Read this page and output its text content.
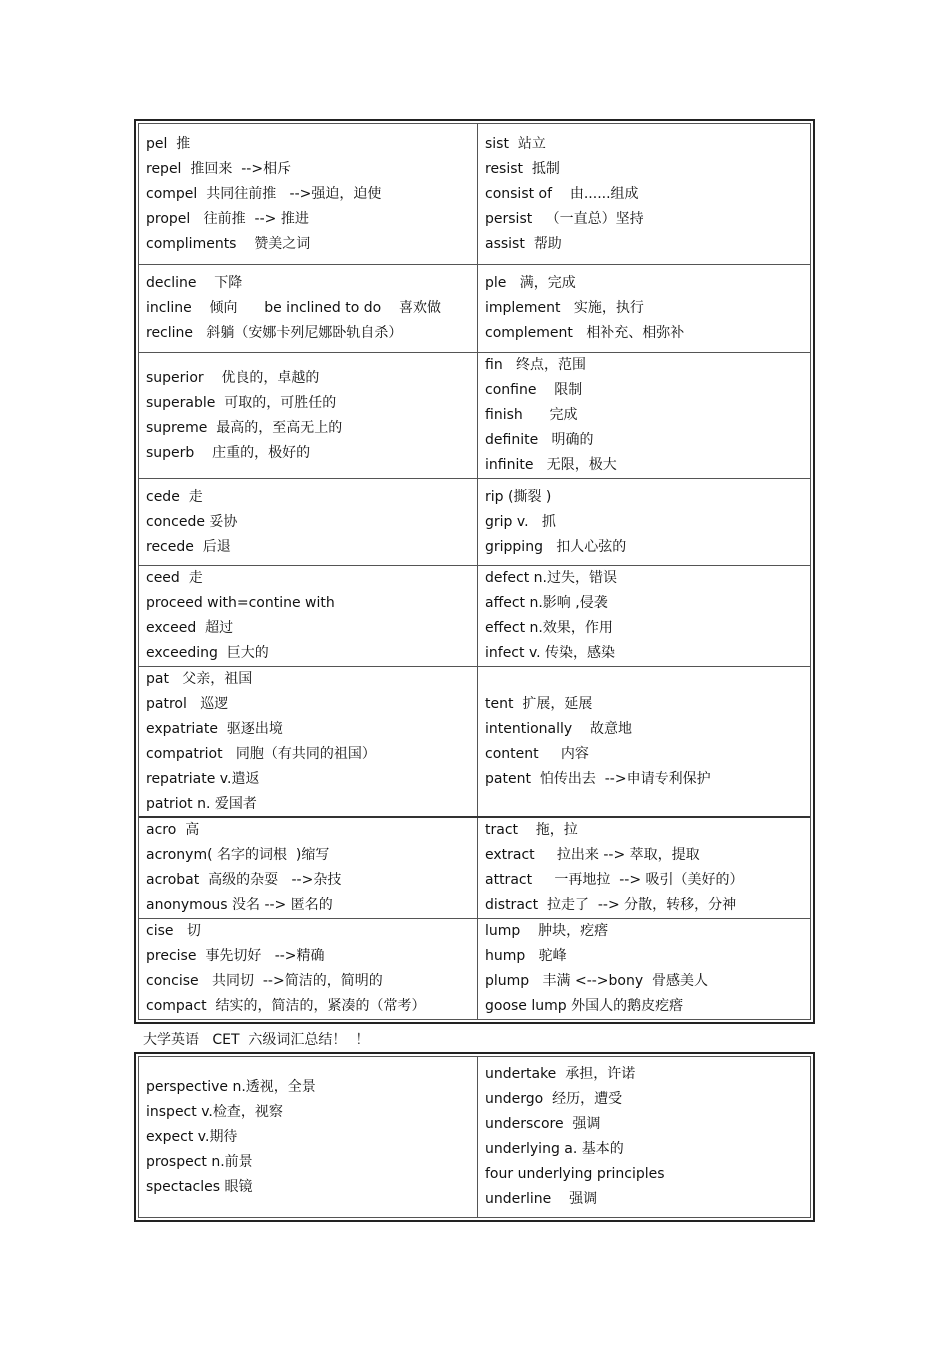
pel  推
repel  推回来  -->相斥
compel  共同往前推   -->强迫，迫使
propel   往前推  --> 推进
compliments    赞美之词
sist  站立
resist  抵制
consist of    由......组成
persist   （一直总）坚持
assist  帮助
decline    下降
incline    倾向      be inclined to do    喜欢做
recline   斜躺（安娜卡列尼娜卧轨自杀）
ple   满，完成
implement   实施，执行
complement   相补充、相弥补
superior    优良的，卓越的
superable  可取的，可胜任的
supreme  最高的，至高无上的
superb    庄重的，极好的
fin   终点，范围
confine    限制
finish      完成
definite   明确的
infinite   无限，极大
cede  走
concede 妥协
recede  后退
rip (撕裂 )
grip v.   抓
gripping   扣人心弦的
ceed  走
proceed with=contine with
exceed  超过
exceeding  巨大的
defect n.过失，错误
affect n.影响 ,侵袭
effect n.效果，作用
infect v. 传染，感染
pat   父亲，祖国
patrol   巡逻
expatriate  驱逐出境
compatriot   同胞（有共同的祖国）
repatriate v.遣返
patriot n. 爱国者
tent  扩展，延展
intentionally    故意地
content     内容
patent  怕传出去  -->申请专利保护
acro  高
acronym( 名字的词根  )缩写
acrobat  高级的杂耍   -->杂技
anonymous 没名 --> 匿名的
tract    拖，拉
extract     拉出来 --> 萃取，提取
attract     一再地拉  --> 吸引（美好的）
distract  拉走了  --> 分散，转移，分神
cise   切
precise  事先切好   -->精确
concise   共同切  -->简洁的，简明的
compact  结实的，简洁的，紧凑的（常考）
lump    肿块，疙瘩
hump   驼峰
plump   丰满 <-->bony  骨感美人
goose lump 外国人的鹅皮疙瘩
大学英语   CET  六级词汇总结！  ！
perspective n.透视，全景
inspect v.检查，视察
expect v.期待
prospect n.前景
spectacles 眼镜
undertake  承担，许诺
undergo  经历，遭受
underscore  强调
underlying a. 基本的
four underlying principles
underline    强调
